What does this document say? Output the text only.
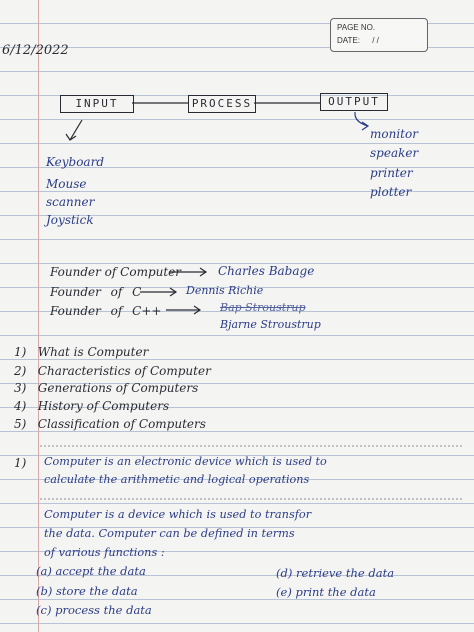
PAGE NO.
DATE: / /
6/12/2022
INPUT	PROCESS	OUTPUT
Keyboard
Mouse
scanner
Joystick
monitor
speaker
printer
plotter
Founder of Computer	Charles Babage
Founder of C	Dennis Richie
Founder of C++	Bap Stroustrup
Bjarne Stroustrup
1) What is Computer
2) Characteristics of Computer
3) Generations of Computers
4) History of Computers
5) Classification of Computers
1) Computer is an electronic device which is used to
calculate the arithmetic and logical operations
Computer is a device which is used to transfor
the data. Computer can be defined in terms
of various functions :
(a) accept the data
(b) store the data
(c) process the data
(d) retrieve the data
(e) print the data
